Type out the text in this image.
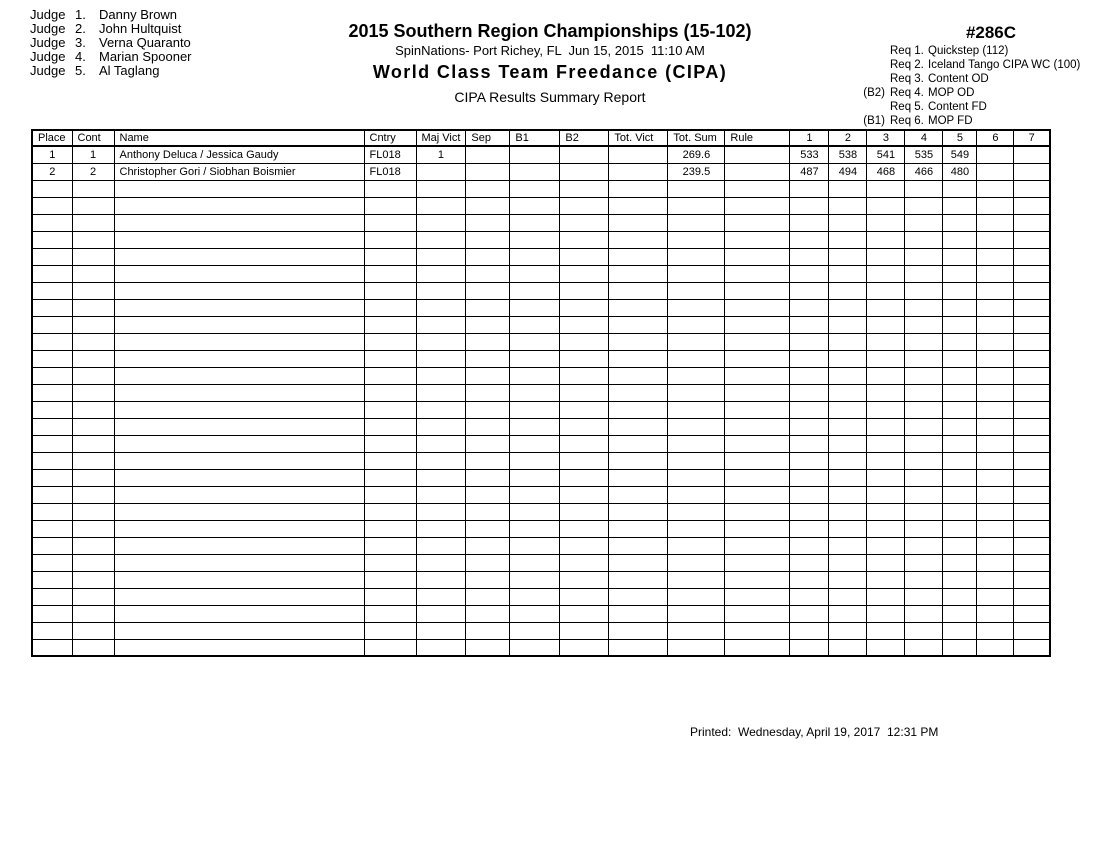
Judge 1.	Danny Brown
Judge 2.	John Hultquist
Judge 3.	Verna Quaranto
Judge 4.	Marian Spooner
Judge 5.	Al Taglang
2015 Southern Region Championships (15-102)
SpinNations- Port Richey, FL  Jun 15, 2015  11:10 AM
World Class Team Freedance (CIPA)
CIPA Results Summary Report
#286C
Req 1. Quickstep (112)
Req 2. Iceland Tango CIPA WC (100)
Req 3. Content OD
(B2) Req 4. MOP OD
Req 5. Content FD
(B1) Req 6. MOP FD
Place	Cont	Name	Cntry	Maj Vict	Sep	B1	B2	Tot. Vict	Tot. Sum	Rule	1	2	3	4	5	6	7
1	1	Anthony Deluca / Jessica Gaudy	FL018	1					269.6		533	538	541	535	549		
2	2	Christopher Gori / Siobhan Boismier	FL018						239.5		487	494	468	466	480		

Printed:  Wednesday, April 19, 2017  12:31 PM
